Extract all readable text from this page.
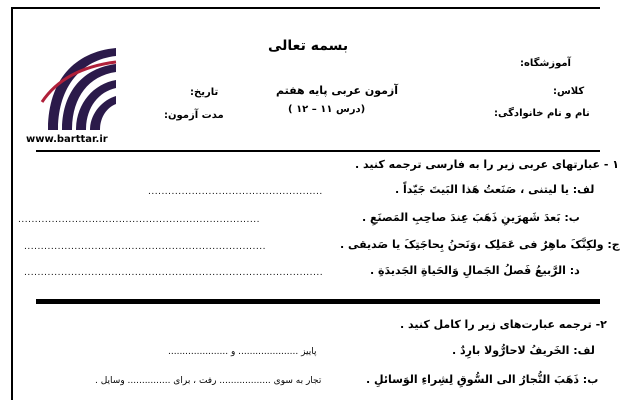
www.barttar.ir
بسمه تعالی
آموزشگاه:
آزمون عربی پایه هفتم	کلاس:
تاریخ:
(درس ١١ – ١٢ )	نام و نام خانوادگی:
مدت آزمون:
١ - عبارتهای عربی زیر را به فارسی ترجمه کنید .
لف: یا لیتنی ، صَنَعتُ هَذا البَیتَ جَیّداً .
....................................................
ب: بَعدَ شَهرَینِ ذَهَبَ عِندَ صاحِبِ المَصنَعِ .
........................................................................
ج: ولکِنَّکَ ماهِرٌ فی عَمَلِک ،وَنَحنُ بِحاجَتِکَ یا صَدیقی .
........................................................................
د: الرَّبیعُ فَصلُ الجَمالِ وَالحَیاةِ الجَدیدَةِ .
.........................................................................................
٢- ترجمه عبارت‌های زیر را کامل کنید .
لف: الخَریفُ لاحارُّولا بارِدٌ .
پاییز ..................... و .....................
ب: ذَهَبَ التُّجارُ الی السُّوقِ لِشِراءِ الوَسائلِ .
تجار به سوی .................. رفت ، برای ............... وسایل .
